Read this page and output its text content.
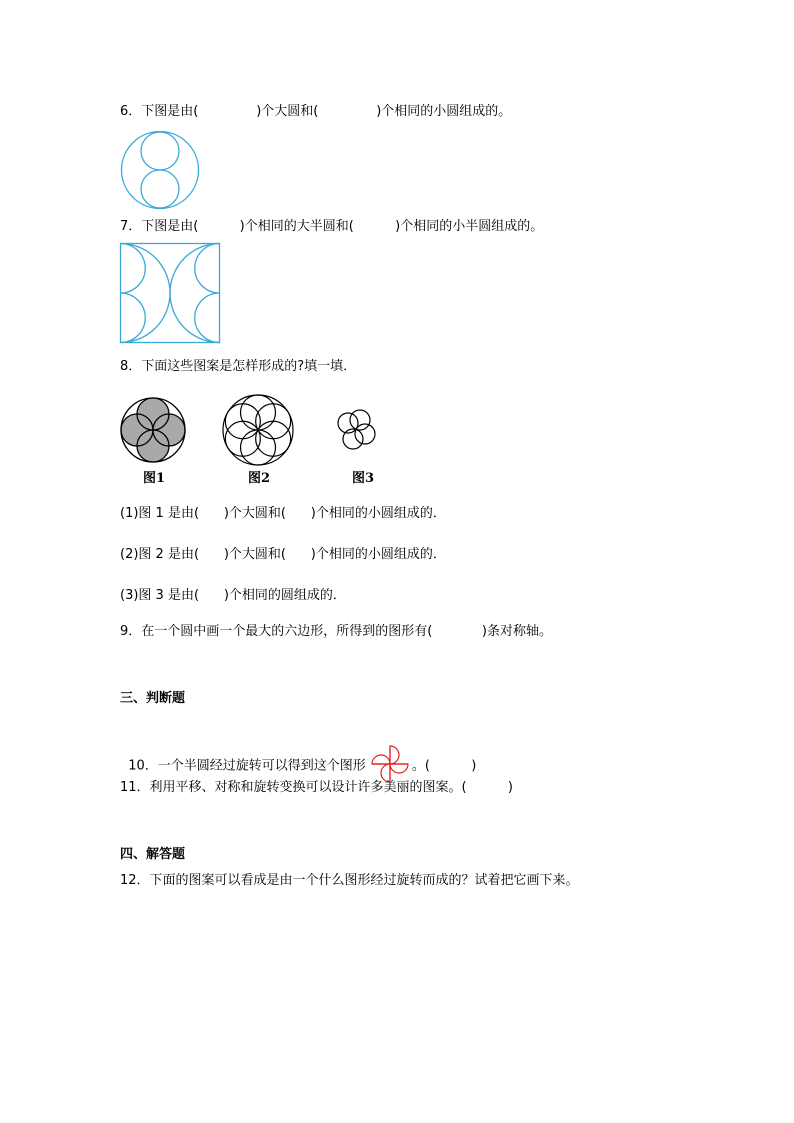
6．下图是由(              )个大圆和(              )个相同的小圆组成的。
7．下图是由(          )个相同的大半圆和(          )个相同的小半圆组成的。
8．下面这些图案是怎样形成的?填一填．
图1	图2	图3
(1)图 1 是由(      )个大圆和(      )个相同的小圆组成的．
(2)图 2 是由(      )个大圆和(      )个相同的小圆组成的．
(3)图 3 是由(      )个相同的圆组成的．
9．在一个圆中画一个最大的六边形，所得到的图形有(            )条对称轴。
三、判断题

10．一个半圆经过旋转可以得到这个图形	。(          )

11．利用平移、对称和旋转变换可以设计许多美丽的图案。(          )
四、解答题
12．下面的图案可以看成是由一个什么图形经过旋转而成的？试着把它画下来。
